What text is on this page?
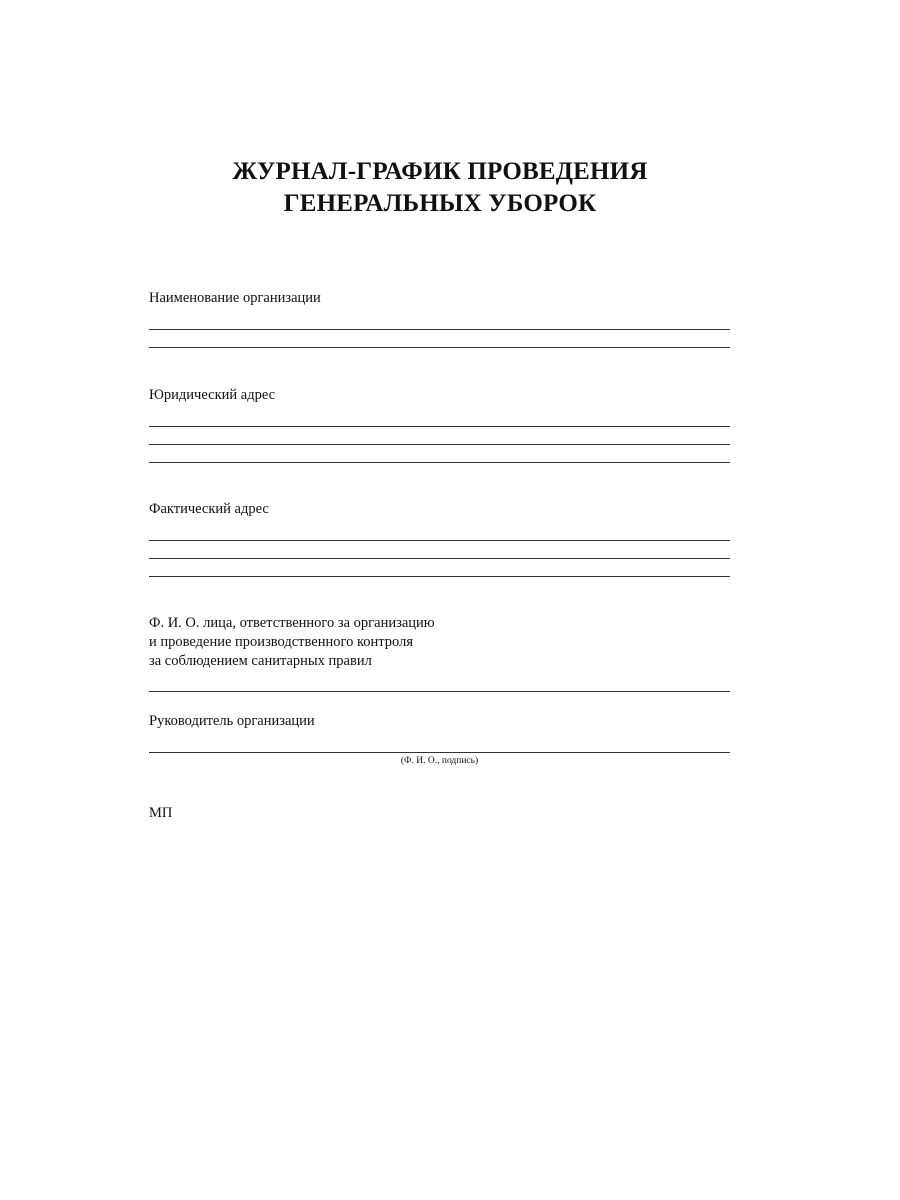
ЖУРНАЛ-ГРАФИК ПРОВЕДЕНИЯ
ГЕНЕРАЛЬНЫХ УБОРОК
Наименование организации
Юридический адрес
Фактический адрес
Ф. И. О. лица, ответственного за организацию
и проведение производственного контроля
за соблюдением санитарных правил
Руководитель организации
(Ф. И. О., подпись)
МП
